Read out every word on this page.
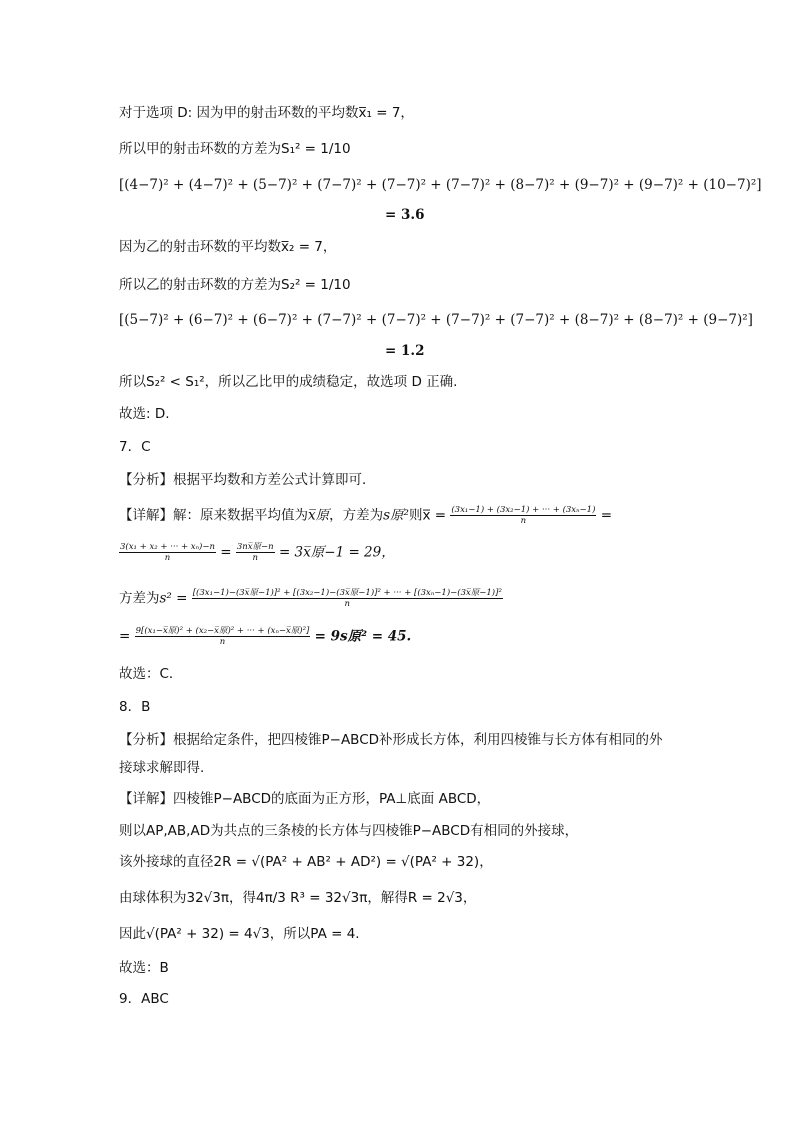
对于选项 D: 因为甲的射击环数的平均数x̅₁ = 7，
所以甲的射击环数的方差为S₁² = 1/10
[(4−7)² + (4−7)² + (5−7)² + (7−7)² + (7−7)² + (7−7)² + (8−7)² + (9−7)² + (9−7)² + (10−7)²]
= 3.6
因为乙的射击环数的平均数x̅₂ = 7，
所以乙的射击环数的方差为S₂² = 1/10
[(5−7)² + (6−7)² + (6−7)² + (7−7)² + (7−7)² + (7−7)² + (7−7)² + (8−7)² + (8−7)² + (9−7)²]
= 1.2
所以S₂² < S₁²，所以乙比甲的成绩稳定，故选项 D 正确.
故选: D.
7．C
【分析】根据平均数和方差公式计算即可．
【详解】解：原来数据平均值为x̅原，方差为s原²则x̅ = $\frac{\text{(3x₁−1) + (3x₂−1) + ··· + (3xₙ−1)}}{n}$ =
$\frac{\text{3(x₁ + x₂ + ··· + xₙ)−n}}{n} = \frac{\text{3nx̅原−n}}{n}$ = 3x̅原−1 = 29，
方差为s² = [(3x₁−1)−(3x̅原−1)]² + [(3x₂−1)−(3x̅原−1)]² + ··· + [(3xₙ−1)−(3x̅原−1)]²
n
= $\frac{\text{9[(x₁−x̅原)² + (x₂−x̅原)² + ··· + (xₙ−x̅原)²]}}{n} = 9s$原² = 45.
故选：C．
8．B
【分析】根据给定条件，把四棱锥P−ABCD补形成长方体，利用四棱锥与长方体有相同的外
接球求解即得.
【详解】四棱锥P−ABCD的底面为正方形，PA⊥底面 ABCD，
则以AP,AB,AD为共点的三条棱的长方体与四棱锥P−ABCD有相同的外接球，
该外接球的直径2R = √(PA² + AB² + AD²) = √(PA² + 32)，
由球体积为32√3π，得4π/3 R³ = 32√3π，解得R = 2√3，
因此√(PA² + 32) = 4√3，所以PA = 4.
故选：B
9．ABC
